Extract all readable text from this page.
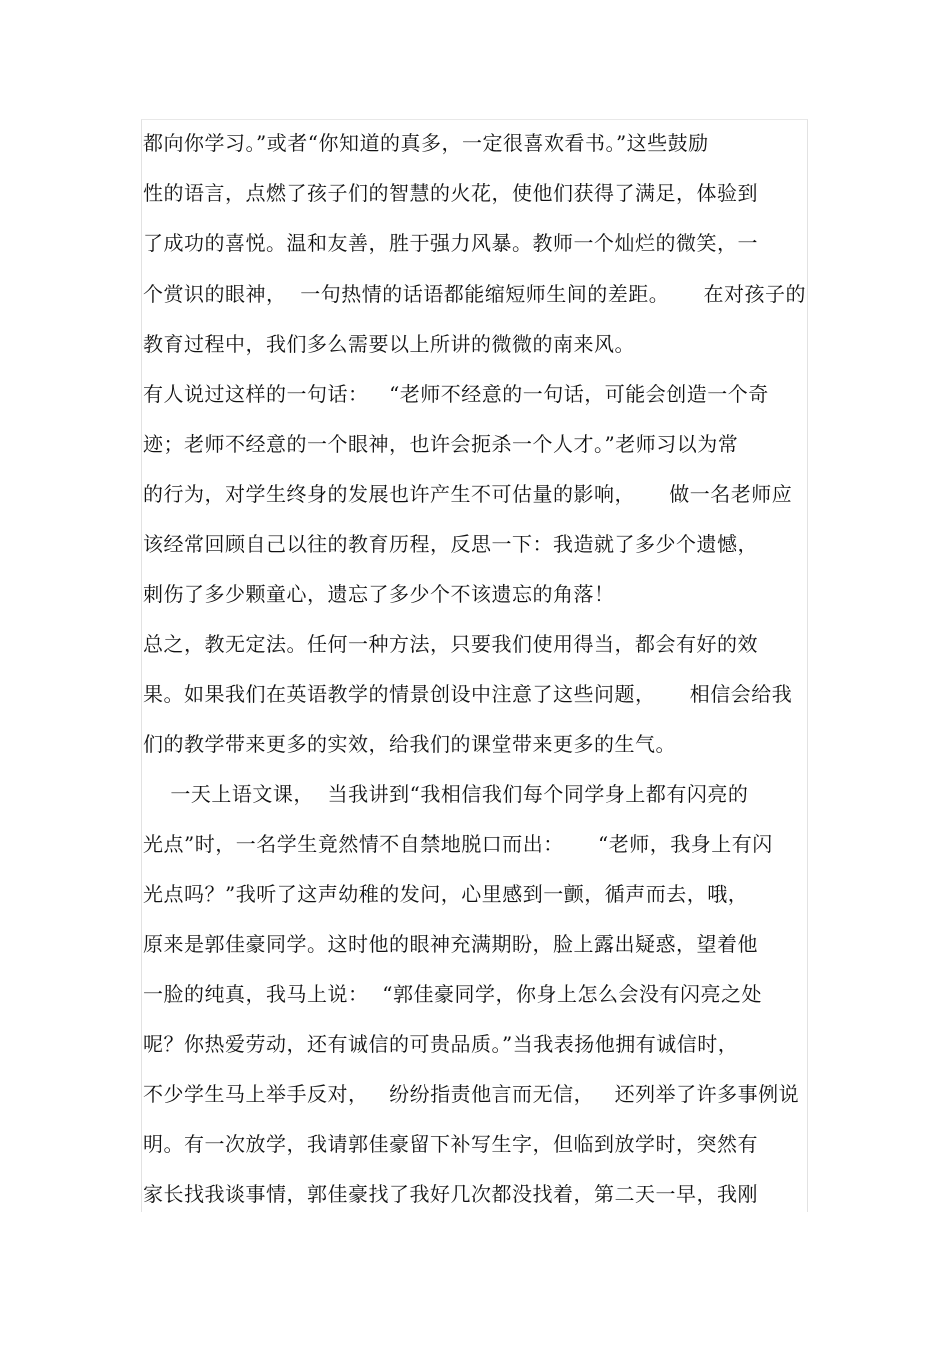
都向你学习。”或者“你知道的真多，一定很喜欢看书。”这些鼓励
性的语言，点燃了孩子们的智慧的火花，使他们获得了满足，体验到
了成功的喜悦。温和友善，胜于强力风暴。教师一个灿烂的微笑，一
个赏识的眼神，  一句热情的话语都能缩短师生间的差距。     在对孩子的
教育过程中，我们多么需要以上所讲的微微的南来风。
有人说过这样的一句话：   “老师不经意的一句话，可能会创造一个奇
迹；老师不经意的一个眼神，也许会扼杀一个人才。”老师习以为常
的行为，对学生终身的发展也许产生不可估量的影响，     做一名老师应
该经常回顾自己以往的教育历程，反思一下：我造就了多少个遗憾，
刺伤了多少颗童心，遗忘了多少个不该遗忘的角落！
总之，教无定法。任何一种方法，只要我们使用得当，都会有好的效
果。如果我们在英语教学的情景创设中注意了这些问题，     相信会给我
们的教学带来更多的实效，给我们的课堂带来更多的生气。
一天上语文课，  当我讲到“我相信我们每个同学身上都有闪亮的
光点”时，一名学生竟然情不自禁地脱口而出：     “老师，我身上有闪
光点吗？”我听了这声幼稚的发问，心里感到一颤，循声而去，哦，
原来是郭佳豪同学。这时他的眼神充满期盼，脸上露出疑惑，望着他
一脸的纯真，我马上说：  “郭佳豪同学，你身上怎么会没有闪亮之处
呢？你热爱劳动，还有诚信的可贵品质。”当我表扬他拥有诚信时，
不少学生马上举手反对，   纷纷指责他言而无信，   还列举了许多事例说
明。有一次放学，我请郭佳豪留下补写生字，但临到放学时，突然有
家长找我谈事情，郭佳豪找了我好几次都没找着，第二天一早，我刚
